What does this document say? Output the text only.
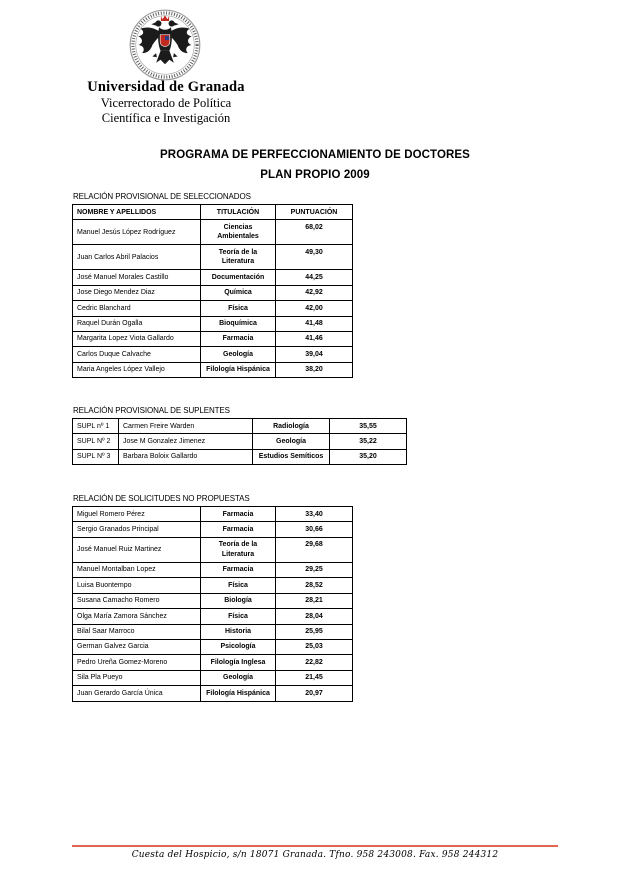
Universidad de Granada
Vicerrectorado de Política
Científica e Investigación
PROGRAMA DE PERFECCIONAMIENTO DE DOCTORES
PLAN PROPIO 2009
RELACIÓN PROVISIONAL DE SELECCIONADOS
NOMBRE Y APELLIDOS	TITULACIÓN	PUNTUACIÓN
Manuel Jesús López Rodríguez	Ciencias Ambientales	68,02
Juan Carlos Abril Palacios	Teoría de la Literatura	49,30
José Manuel Morales Castillo	Documentación	44,25
Jose Diego Mendez Diaz	Química	42,92
Cedric Blanchard	Física	42,00
Raquel Durán Ogalla	Bioquímica	41,48
Margarita Lopez Viota Gallardo	Farmacia	41,46
Carlos Duque Calvache	Geología	39,04
Maria Angeles López Vallejo	Filología Hispánica	38,20
RELACIÓN PROVISIONAL DE SUPLENTES
SUPL nº 1	Carmen Freire Warden	Radiología	35,55
SUPL Nº 2	Jose M Gonzalez Jimenez	Geología	35,22
SUPL Nº 3	Barbara Boloix Gallardo	Estudios Semíticos	35,20
RELACIÓN DE SOLICITUDES NO PROPUESTAS
Miguel Romero Pérez	Farmacia	33,40
Sergio Granados Principal	Farmacia	30,66
José Manuel Ruiz Martinez	Teoría de la Literatura	29,68
Manuel Montalban Lopez	Farmacia	29,25
Luisa Buontempo	Física	28,52
Susana Camacho Romero	Biología	28,21
Olga María Zamora Sánchez	Física	28,04
Bilal Saar Marroco	Historia	25,95
German Galvez Garcia	Psicología	25,03
Pedro Ureña Gomez-Moreno	Filología Inglesa	22,82
Sila Pla Pueyo	Geología	21,45
Juan Gerardo García Única	Filología Hispánica	20,97
Cuesta del Hospicio, s/n 18071 Granada. Tfno. 958 243008. Fax. 958 244312
